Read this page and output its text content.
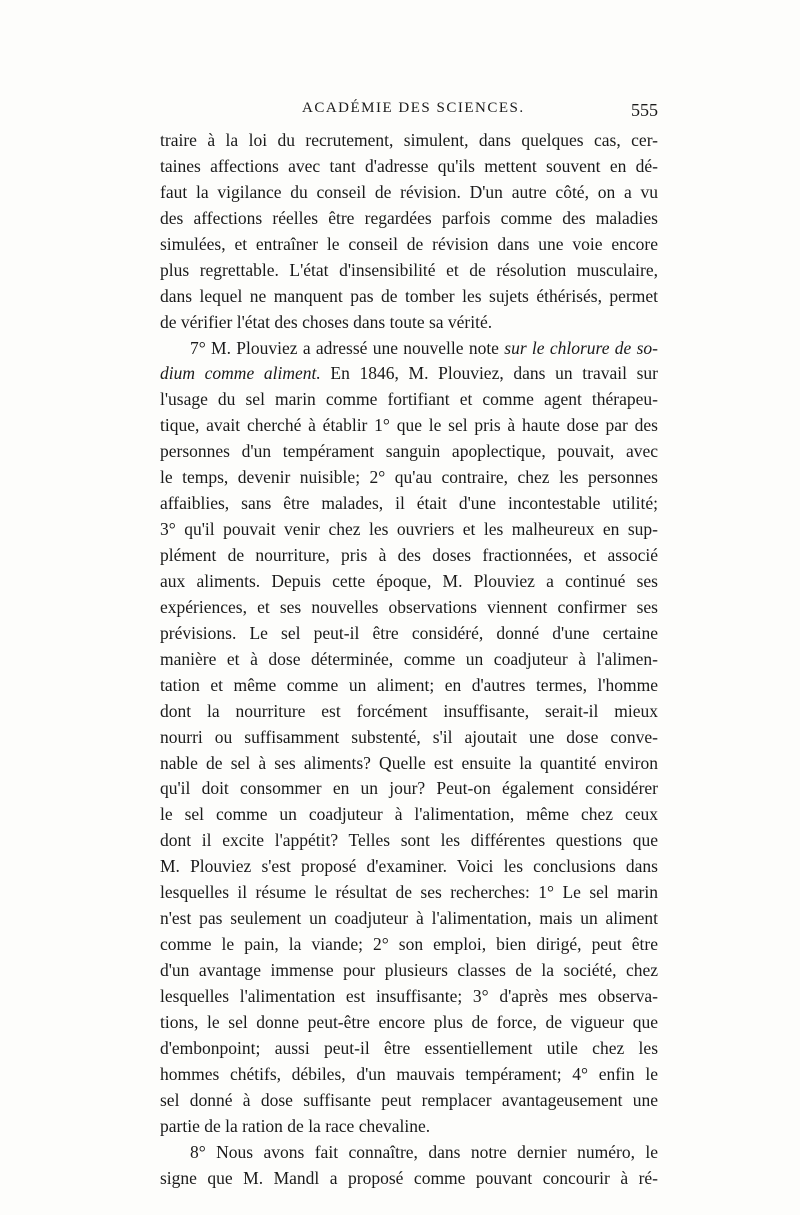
ACADÉMIE DES SCIENCES.	555
traire à la loi du recrutement, simulent, dans quelques cas, cer-
taines affections avec tant d'adresse qu'ils mettent souvent en dé-
faut la vigilance du conseil de révision. D'un autre côté, on a vu
des affections réelles être regardées parfois comme des maladies
simulées, et entraîner le conseil de révision dans une voie encore
plus regrettable. L'état d'insensibilité et de résolution musculaire,
dans lequel ne manquent pas de tomber les sujets éthérisés, permet
de vérifier l'état des choses dans toute sa vérité.
7° M. Plouviez a adressé une nouvelle note sur le chlorure de so-
dium comme aliment. En 1846, M. Plouviez, dans un travail sur
l'usage du sel marin comme fortifiant et comme agent thérapeu-
tique, avait cherché à établir 1° que le sel pris à haute dose par des
personnes d'un tempérament sanguin apoplectique, pouvait, avec
le temps, devenir nuisible; 2° qu'au contraire, chez les personnes
affaiblies, sans être malades, il était d'une incontestable utilité;
3° qu'il pouvait venir chez les ouvriers et les malheureux en sup-
plément de nourriture, pris à des doses fractionnées, et associé
aux aliments. Depuis cette époque, M. Plouviez a continué ses
expériences, et ses nouvelles observations viennent confirmer ses
prévisions. Le sel peut-il être considéré, donné d'une certaine
manière et à dose déterminée, comme un coadjuteur à l'alimen-
tation et même comme un aliment; en d'autres termes, l'homme
dont la nourriture est forcément insuffisante, serait-il mieux
nourri ou suffisamment substenté, s'il ajoutait une dose conve-
nable de sel à ses aliments? Quelle est ensuite la quantité environ
qu'il doit consommer en un jour? Peut-on également considérer
le sel comme un coadjuteur à l'alimentation, même chez ceux
dont il excite l'appétit? Telles sont les différentes questions que
M. Plouviez s'est proposé d'examiner. Voici les conclusions dans
lesquelles il résume le résultat de ses recherches: 1° Le sel marin
n'est pas seulement un coadjuteur à l'alimentation, mais un aliment
comme le pain, la viande; 2° son emploi, bien dirigé, peut être
d'un avantage immense pour plusieurs classes de la société, chez
lesquelles l'alimentation est insuffisante; 3° d'après mes observa-
tions, le sel donne peut-être encore plus de force, de vigueur que
d'embonpoint; aussi peut-il être essentiellement utile chez les
hommes chétifs, débiles, d'un mauvais tempérament; 4° enfin le
sel donné à dose suffisante peut remplacer avantageusement une
partie de la ration de la race chevaline.
8° Nous avons fait connaître, dans notre dernier numéro, le
signe que M. Mandl a proposé comme pouvant concourir à ré-
